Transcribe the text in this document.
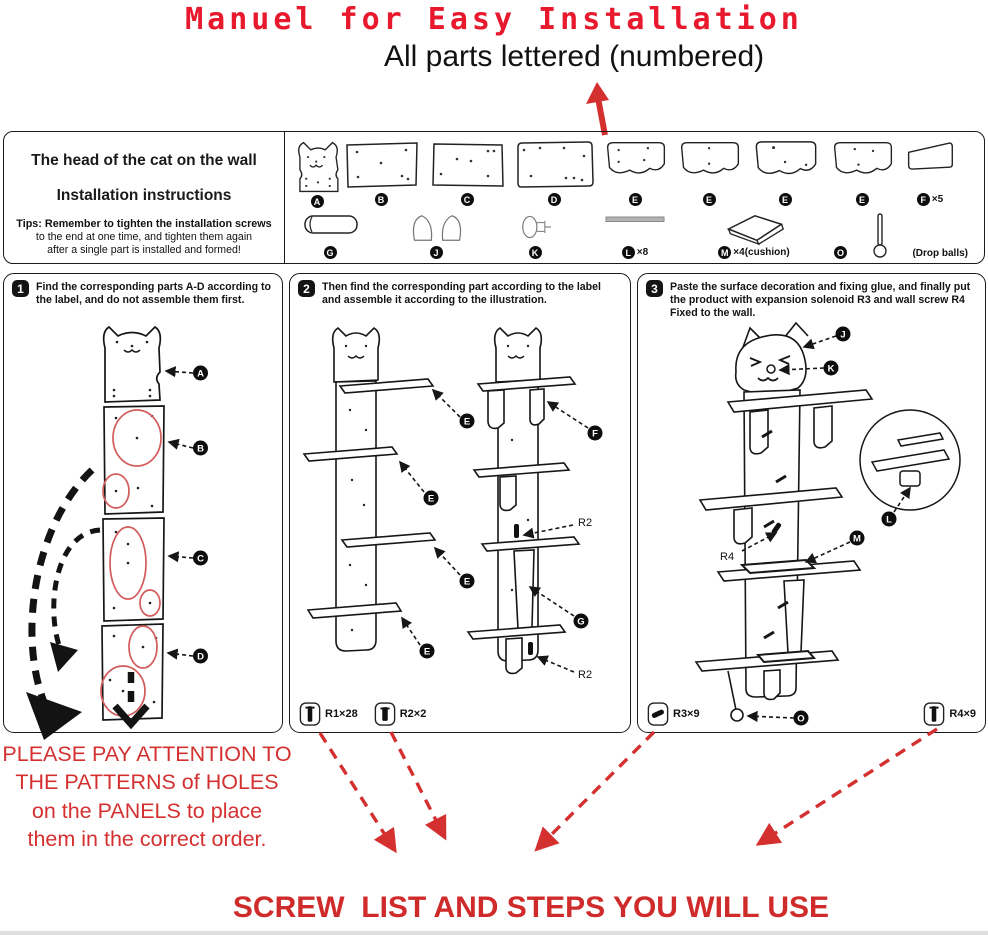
Manuel for Easy Installation
All parts lettered (numbered)
The head of the cat on the wall
Installation instructions
Tips: Remember to tighten the installation screws
to the end at one time, and tighten them again
after a single part is installed and formed!
A	B	C	D	E	E	E	E	F ×5
G	J	K	L ×8	M ×4(cushion)	O	(Drop balls)
1	Find the corresponding parts A-D according to the label, and do not assemble them first.
A
B
C
D
2	Then find the corresponding part according to the label and assemble it according to the illustration.
R2
R2
E
E
E
E
F
G
R1×28	R2×2
3	Paste the surface decoration and fixing glue, and finally put the product with expansion solenoid R3 and wall screw R4 Fixed to the wall.
R4
J
K
L
M
O
R3×9	R4×9
PLEASE PAY ATTENTION TO
THE PATTERNS of HOLES
on the PANELS to place
them in the correct order.
SCREW  LIST AND STEPS YOU WILL USE
